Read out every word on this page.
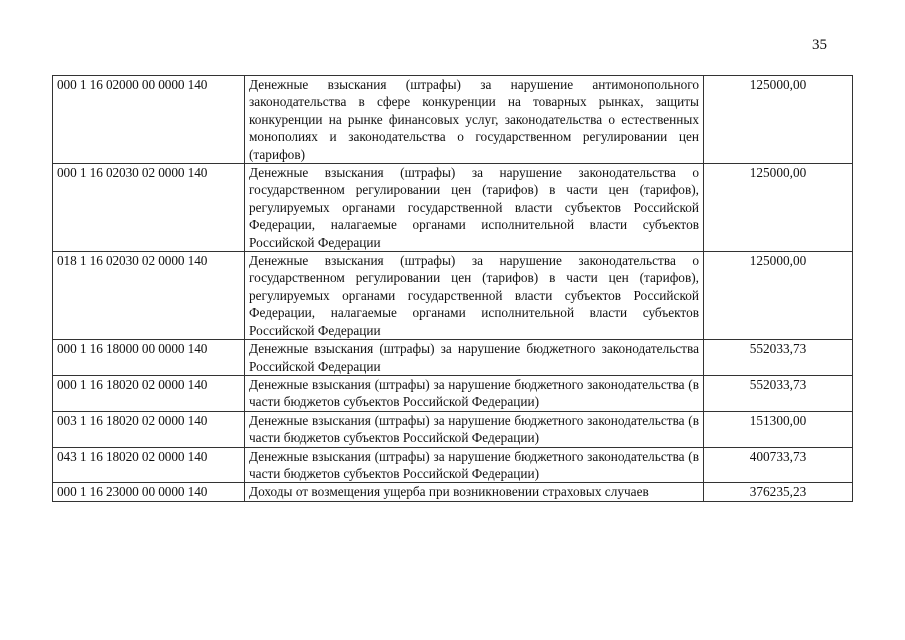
35
000 1 16 02000 00 0000 140	Денежные взыскания (штрафы) за нарушение антимонопольного законодательства в сфере конкуренции на товарных рынках, защиты конкуренции на рынке финансовых услуг, законодательства о естественных монополиях и законодательства о государственном регулировании цен (тарифов)	125000,00
000 1 16 02030 02 0000 140	Денежные взыскания (штрафы) за нарушение законодательства о государственном регулировании цен (тарифов) в части цен (тарифов), регулируемых органами государственной власти субъектов Российской Федерации, налагаемые органами исполнительной власти субъектов Российской Федерации	125000,00
018 1 16 02030 02 0000 140	Денежные взыскания (штрафы) за нарушение законодательства о государственном регулировании цен (тарифов) в части цен (тарифов), регулируемых органами государственной власти субъектов Российской Федерации, налагаемые органами исполнительной власти субъектов Российской Федерации	125000,00
000 1 16 18000 00 0000 140	Денежные взыскания (штрафы) за нарушение бюджетного законодательства Российской Федерации	552033,73
000 1 16 18020 02 0000 140	Денежные взыскания (штрафы) за нарушение бюджетного законодательства (в части бюджетов субъектов Российской Федерации)	552033,73
003 1 16 18020 02 0000 140	Денежные взыскания (штрафы) за нарушение бюджетного законодательства (в части бюджетов субъектов Российской Федерации)	151300,00
043 1 16 18020 02 0000 140	Денежные взыскания (штрафы) за нарушение бюджетного законодательства (в части бюджетов субъектов Российской Федерации)	400733,73
000 1 16 23000 00 0000 140	Доходы от возмещения ущерба при возникновении страховых случаев	376235,23
